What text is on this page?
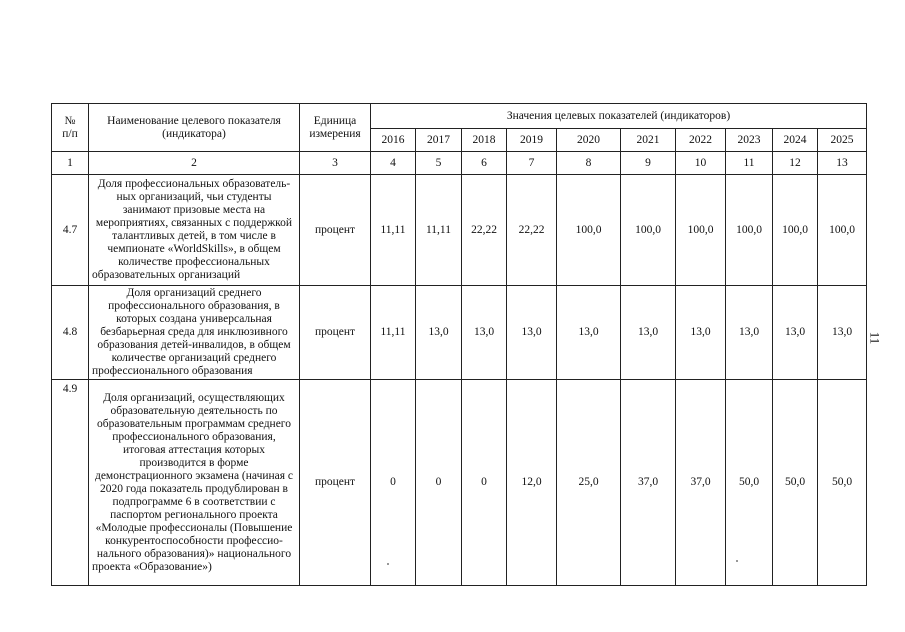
№
п/п	Наименование целевого показателя (индикатора)	Единица измерения	Значения целевых показателей (индикаторов)									
			2016	2017	2018	2019	2020	2021	2022	2023	2024	2025
1	2	3	4	5	6	7	8	9	10	11	12	13
4.7	Доля профессиональных образователь-ных организаций, чьи студенты занимают призовые места на мероприятиях, связанных с поддержкой талантливых детей, в том числе в чемпионате «WorldSkills», в общем количестве профессиональных образовательных организаций	процент	11,11	11,11	22,22	22,22	100,0	100,0	100,0	100,0	100,0	100,0
4.8	Доля организаций среднего профессионального образования, в которых создана универсальная безбарьерная среда для инклюзивного образования детей-инвалидов, в общем количестве организаций среднего профессионального образования	процент	11,11	13,0	13,0	13,0	13,0	13,0	13,0	13,0	13,0	13,0
4.9	Доля организаций, осуществляющих образовательную деятельность по образовательным программам среднего профессионального образования, итоговая аттестация которых производится в форме демонстрационного экзамена (начиная с 2020 года показатель продублирован в подпрограмме 6 в соответствии с паспортом регионального проекта «Молодые профессионалы (Повышение конкурентоспособности профессио-нального образования)» национального проекта «Образование»)	процент	0	0	0	12,0	25,0	37,0	37,0	50,0	50,0	50,0
11
